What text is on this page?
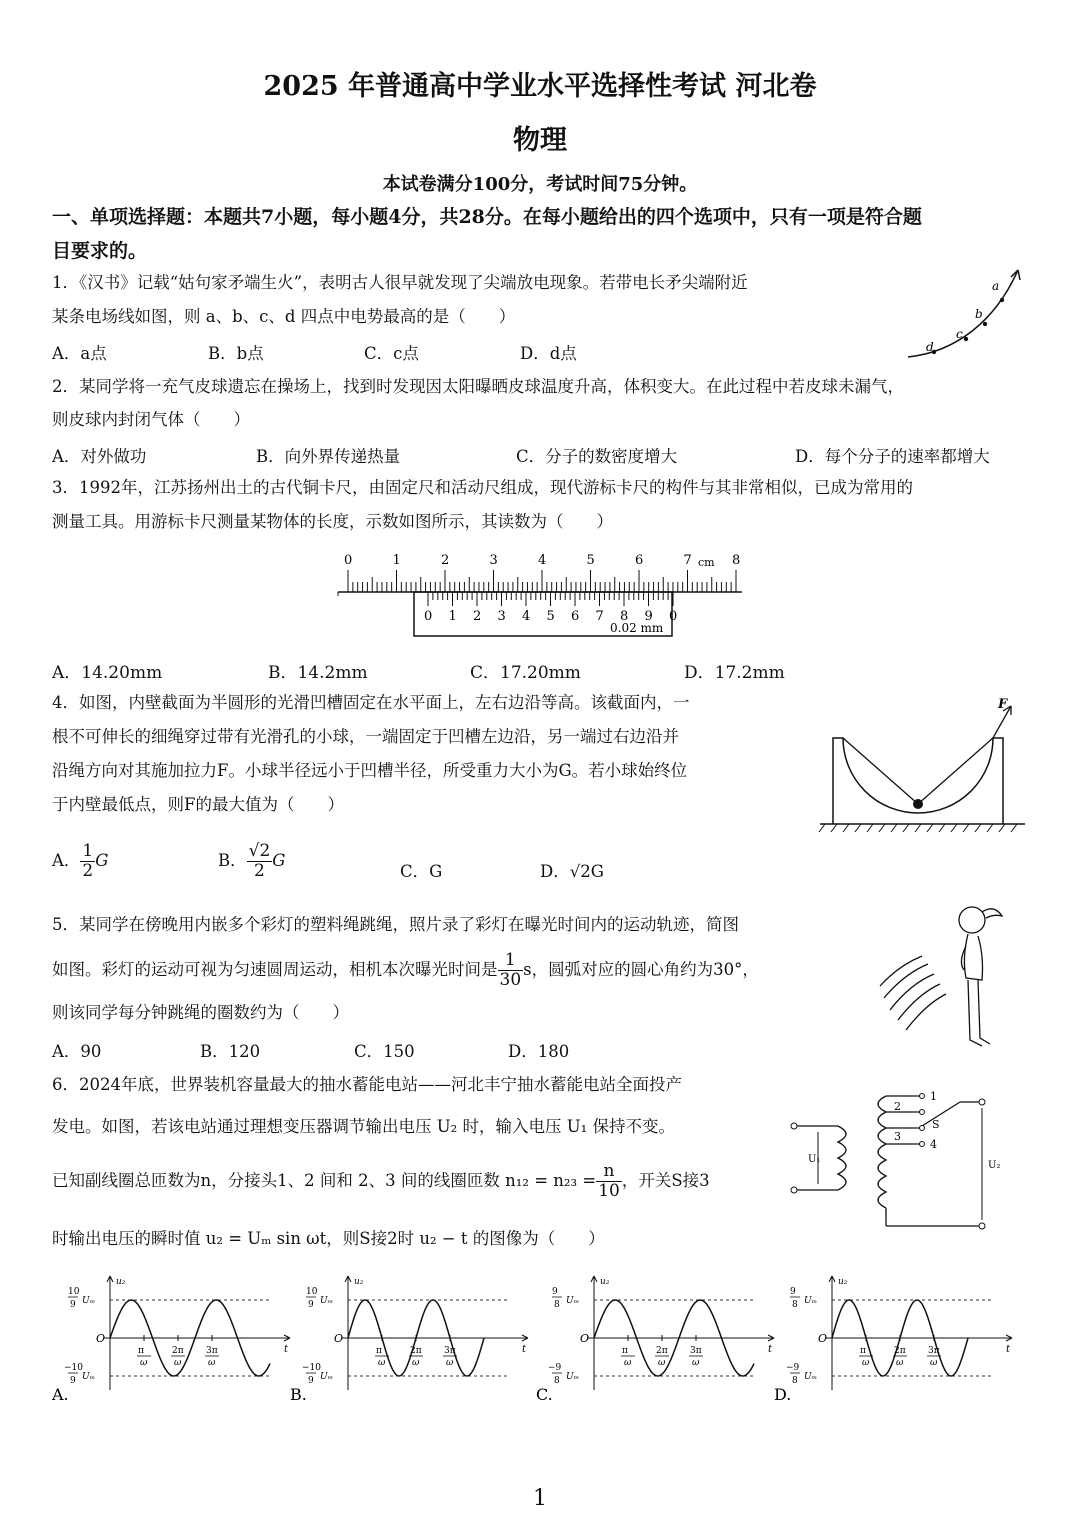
2025 年普通高中学业水平选择性考试 河北卷
物理
本试卷满分100分，考试时间75分钟。
一、单项选择题：本题共7小题，每小题4分，共28分。在每小题给出的四个选项中，只有一项是符合题
目要求的。
1．《汉书》记载“姑句家矛端生火”，表明古人很早就发现了尖端放电现象。若带电长矛尖端附近
某条电场线如图，则 a、b、c、d 四点中电势最高的是（　　）
A．a点	B．b点	C．c点	D．d点
a
b
c
d
2．某同学将一充气皮球遗忘在操场上，找到时发现因太阳曝晒皮球温度升高，体积变大。在此过程中若皮球未漏气，
则皮球内封闭气体（　　）
A．对外做功	B．向外界传递热量	C．分子的数密度增大	D．每个分子的速率都增大
3．1992年，江苏扬州出土的古代铜卡尺，由固定尺和活动尺组成，现代游标卡尺的构件与其非常相似，已成为常用的
测量工具。用游标卡尺测量某物体的长度，示数如图所示，其读数为（　　）
0	1	2	3	4	5	6	7	8
0 1 2 3 4 5 6 7 8 9 0
cm
0.02 mm
A．14.20mm	B．14.2mm	C．17.20mm	D．17.2mm
4．如图，内壁截面为半圆形的光滑凹槽固定在水平面上，左右边沿等高。该截面内，一
根不可伸长的细绳穿过带有光滑孔的小球，一端固定于凹槽左边沿，另一端过右边沿并
沿绳方向对其施加拉力F。小球半径远小于凹槽半径，所受重力大小为G。若小球始终位
于内壁最低点，则F的最大值为（　　）
F
A． $\frac{1}{2}$ G	B． $\frac{√2}{2}$ G
C．G	D．√2G
5．某同学在傍晚用内嵌多个彩灯的塑料绳跳绳，照片录了彩灯在曝光时间内的运动轨迹，简图
如图。彩灯的运动可视为匀速圆周运动，相机本次曝光时间是 $\frac{1}{30}$ s，圆弧对应的圆心角约为30°，
则该同学每分钟跳绳的圈数约为（　　）
A．90	B．120	C．150	D．180
6．2024年底，世界装机容量最大的抽水蓄能电站——河北丰宁抽水蓄能电站全面投产
发电。如图，若该电站通过理想变压器调节输出电压 U₂ 时，输入电压 U₁ 保持不变。
已知副线圈总匝数为n，分接头1、2 间和 2、3 间的线圈匝数 $n_{12} = n_{23} = \frac{n}{10}$ ，开关S接3
时输出电压的瞬时值 u₂ = Uₘ sin ωt，则S接2时 u₂ − t 的图像为（　　）
U₁
1
2
3
4
S
U₂
u₂
t
O
10
9 Uₘ
−10
9 Uₘ
π
ω
2π
ω
3π
ω
A.
u₂
t
O
10
9 Uₘ
−10
9 Uₘ
π
ω
2π
ω
3π
ω
B.
u₂
t
O
9
8 Uₘ
−9
8 Uₘ
π
ω
2π
ω
3π
ω
C.
u₂
t
O
9
8 Uₘ
−9
8 Uₘ
π
ω
2π
ω
3π
ω
D.
1
